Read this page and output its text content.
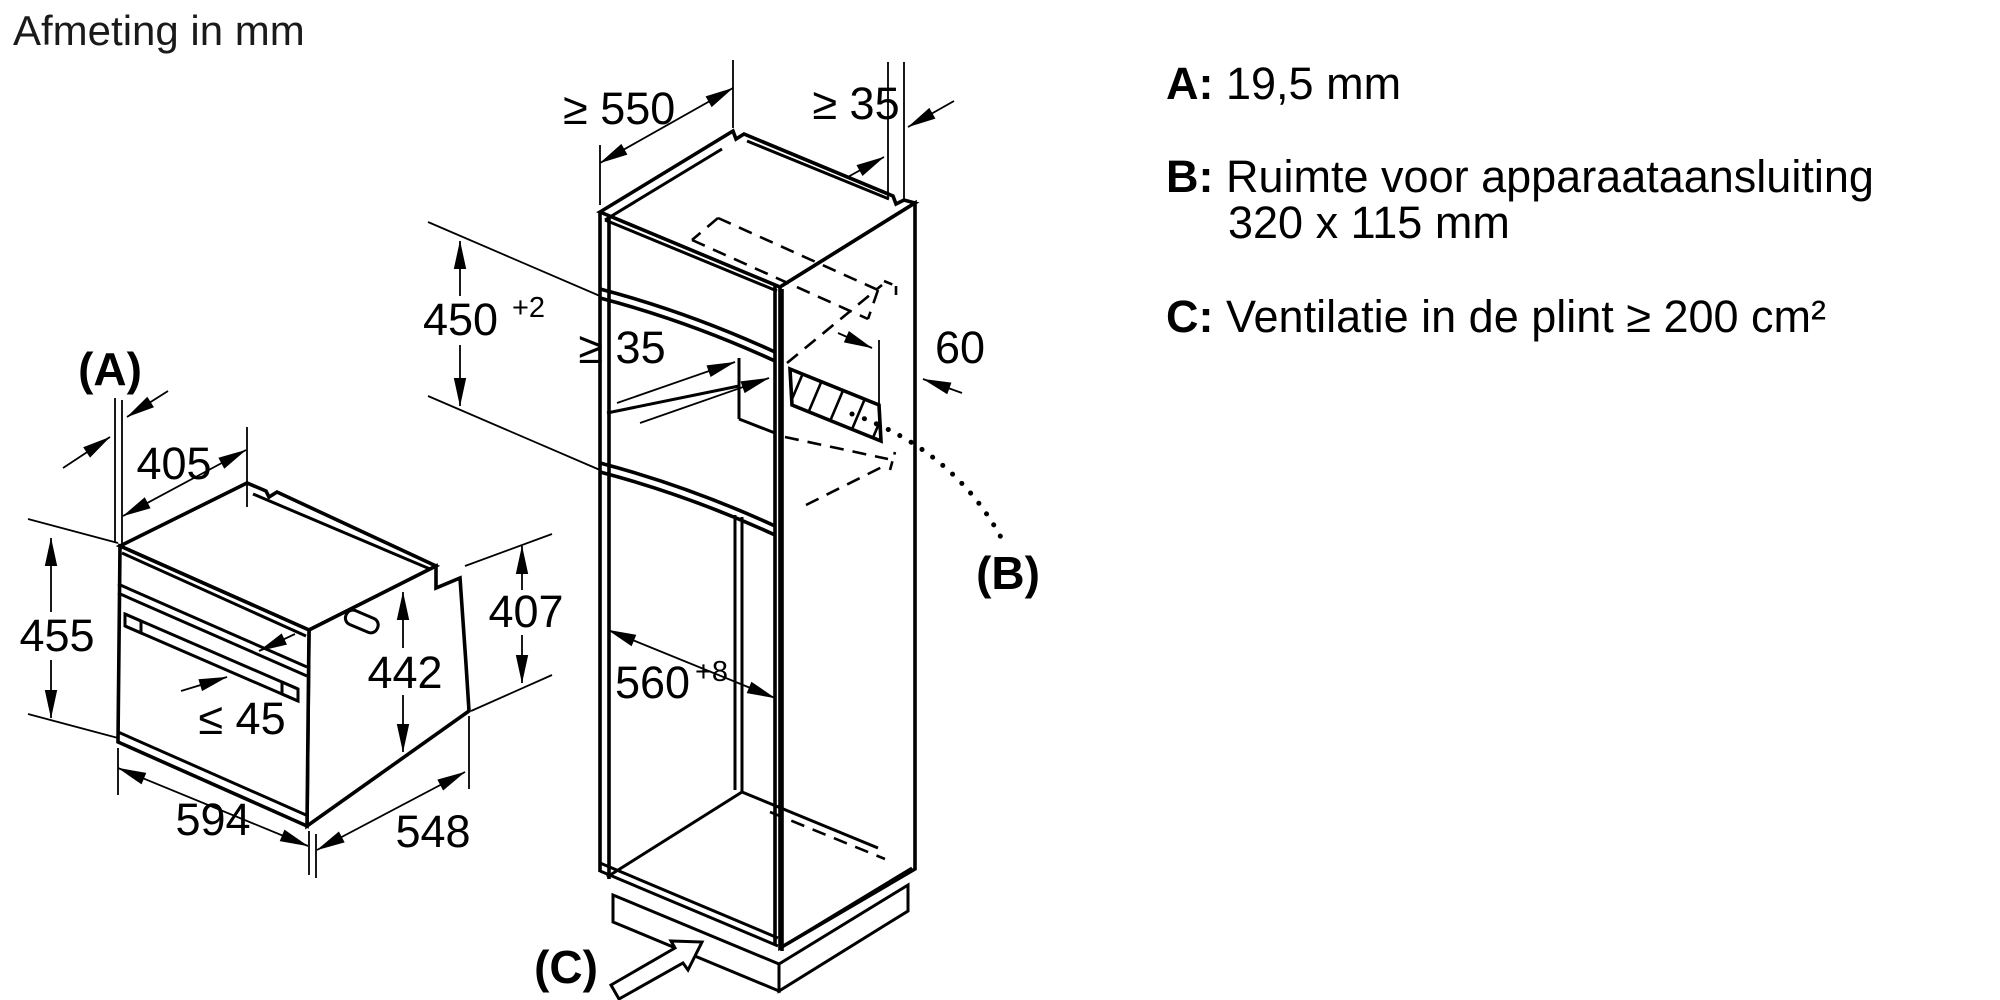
Afmeting in mm
A: 19,5 mm
B: Ruimte voor apparaataansluiting
320 x 115 mm
C: Ventilatie in de plint ≥ 200 cm²
(A)
405
455
≤ 45
442
407
594	548
≥ 550	≥ 35
450 +2
≥ 35	60
560 +8
(B)
(C)
